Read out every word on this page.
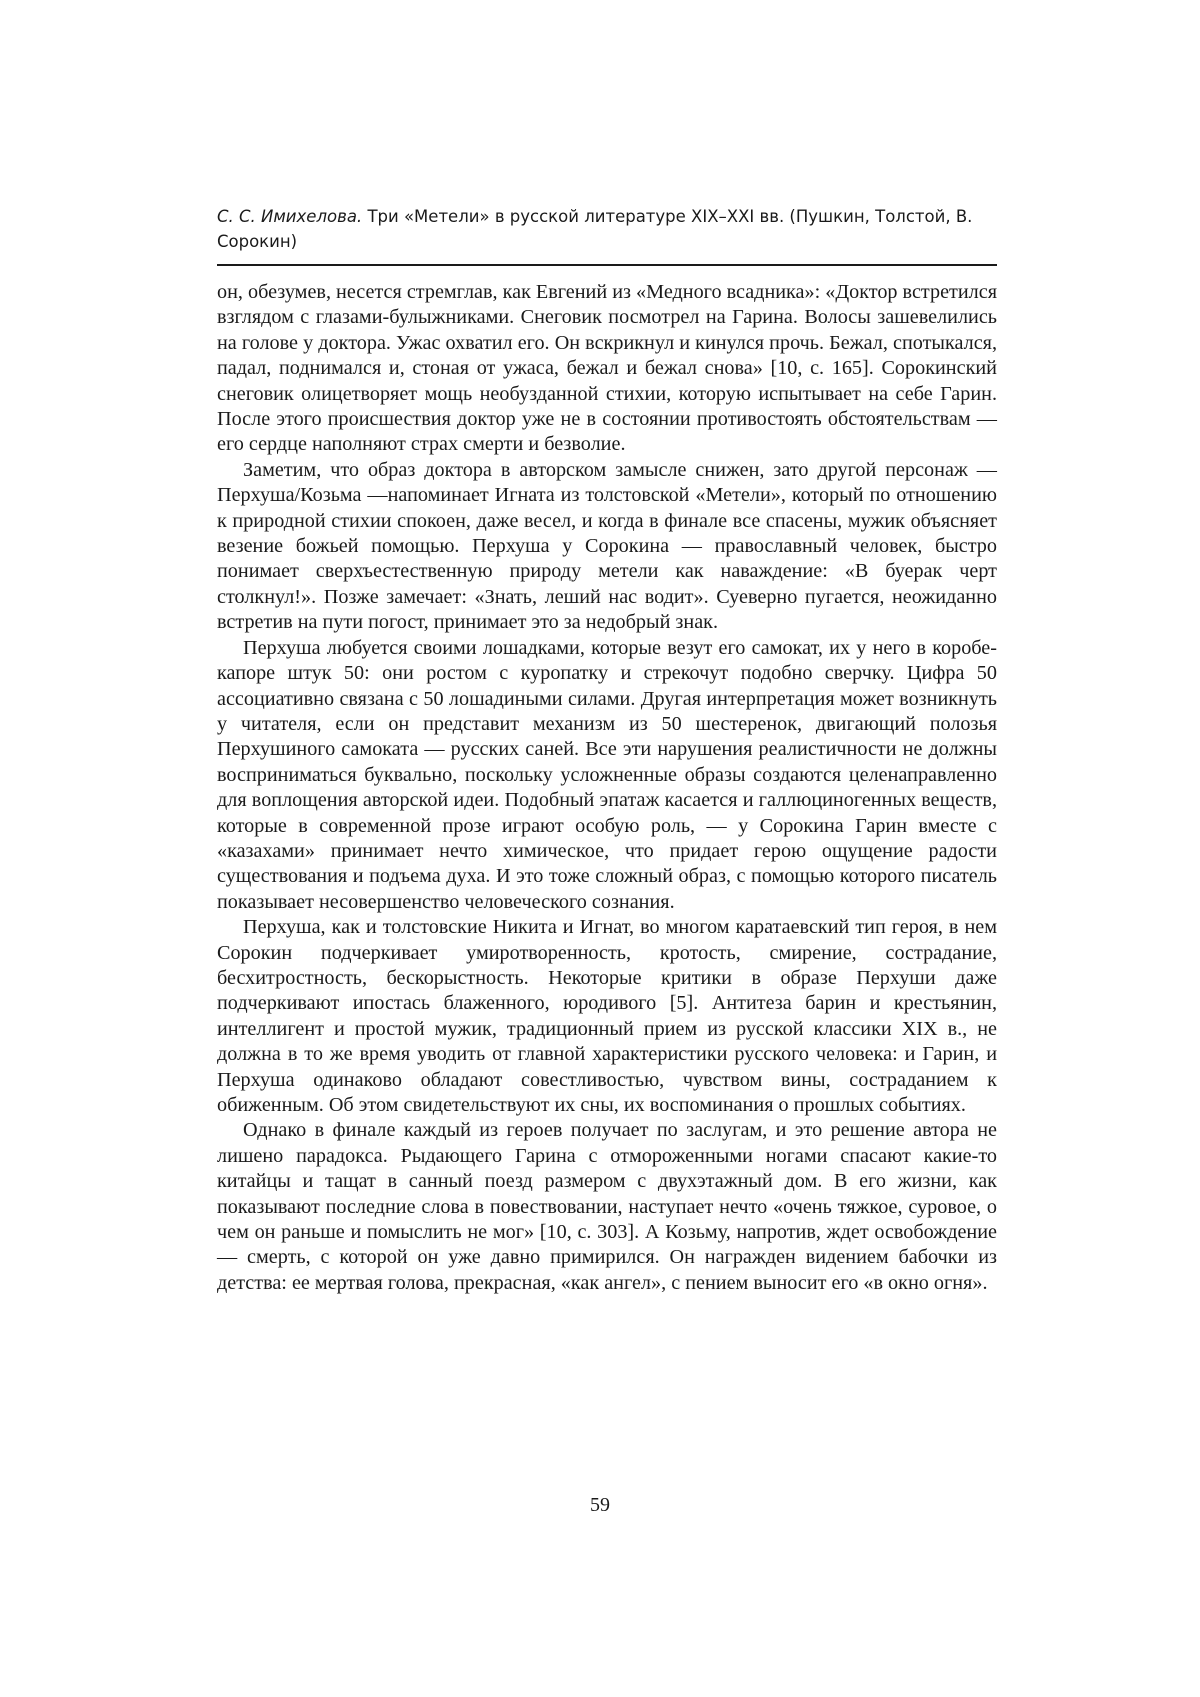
С. С. Имихелова. Три «Метели» в русской литературе XIX–XXI вв. (Пушкин, Толстой, В. Сорокин)

он, обезумев, несется стремглав, как Евгений из «Медного всадника»: «Доктор встретился взглядом с глазами-булыжниками. Снеговик посмотрел на Гарина. Волосы зашевелились на голове у доктора. Ужас охватил его. Он вскрикнул и кинулся прочь. Бежал, спотыкался, падал, поднимался и, стоная от ужаса, бежал и бежал снова» [10, с. 165]. Сорокинский снеговик олицетворяет мощь необузданной стихии, которую испытывает на себе Гарин. После этого происшествия доктор уже не в состоянии противостоять обстоятельствам — его сердце наполняют страх смерти и безволие.

Заметим, что образ доктора в авторском замысле снижен, зато другой персонаж — Перхуша/Козьма —напоминает Игната из толстовской «Метели», который по отношению к природной стихии спокоен, даже весел, и когда в финале все спасены, мужик объясняет везение божьей помощью. Перхуша у Сорокина — православный человек, быстро понимает сверхъестественную природу метели как наваждение: «В буерак черт столкнул!». Позже замечает: «Знать, леший нас водит». Суеверно пугается, неожиданно встретив на пути погост, принимает это за недобрый знак.

Перхуша любуется своими лошадками, которые везут его самокат, их у него в коробе-капоре штук 50: они ростом с куропатку и стрекочут подобно сверчку. Цифра 50 ассоциативно связана с 50 лошадиными силами. Другая интерпретация может возникнуть у читателя, если он представит механизм из 50 шестеренок, двигающий полозья Перхушиного самоката — русских саней. Все эти нарушения реалистичности не должны восприниматься буквально, поскольку усложненные образы создаются целенаправленно для воплощения авторской идеи. Подобный эпатаж касается и галлюциногенных веществ, которые в современной прозе играют особую роль, — у Сорокина Гарин вместе с «казахами» принимает нечто химическое, что придает герою ощущение радости существования и подъема духа. И это тоже сложный образ, с помощью которого писатель показывает несовершенство человеческого сознания.

Перхуша, как и толстовские Никита и Игнат, во многом каратаевский тип героя, в нем Сорокин подчеркивает умиротворенность, кротость, смирение, сострадание, бесхитростность, бескорыстность. Некоторые критики в образе Перхуши даже подчеркивают ипостась блаженного, юродивого [5]. Антитеза барин и крестьянин, интеллигент и простой мужик, традиционный прием из русской классики XIX в., не должна в то же время уводить от главной характеристики русского человека: и Гарин, и Перхуша одинаково обладают совестливостью, чувством вины, состраданием к обиженным. Об этом свидетельствуют их сны, их воспоминания о прошлых событиях.

Однако в финале каждый из героев получает по заслугам, и это решение автора не лишено парадокса. Рыдающего Гарина с отмороженными ногами спасают какие-то китайцы и тащат в санный поезд размером с двухэтажный дом. В его жизни, как показывают последние слова в повествовании, наступает нечто «очень тяжкое, суровое, о чем он раньше и помыслить не мог» [10, с. 303]. А Козьму, напротив, ждет освобождение — смерть, с которой он уже давно примирился. Он награжден видением бабочки из детства: ее мертвая голова, прекрасная, «как ангел», с пением выносит его «в окно огня».

59
